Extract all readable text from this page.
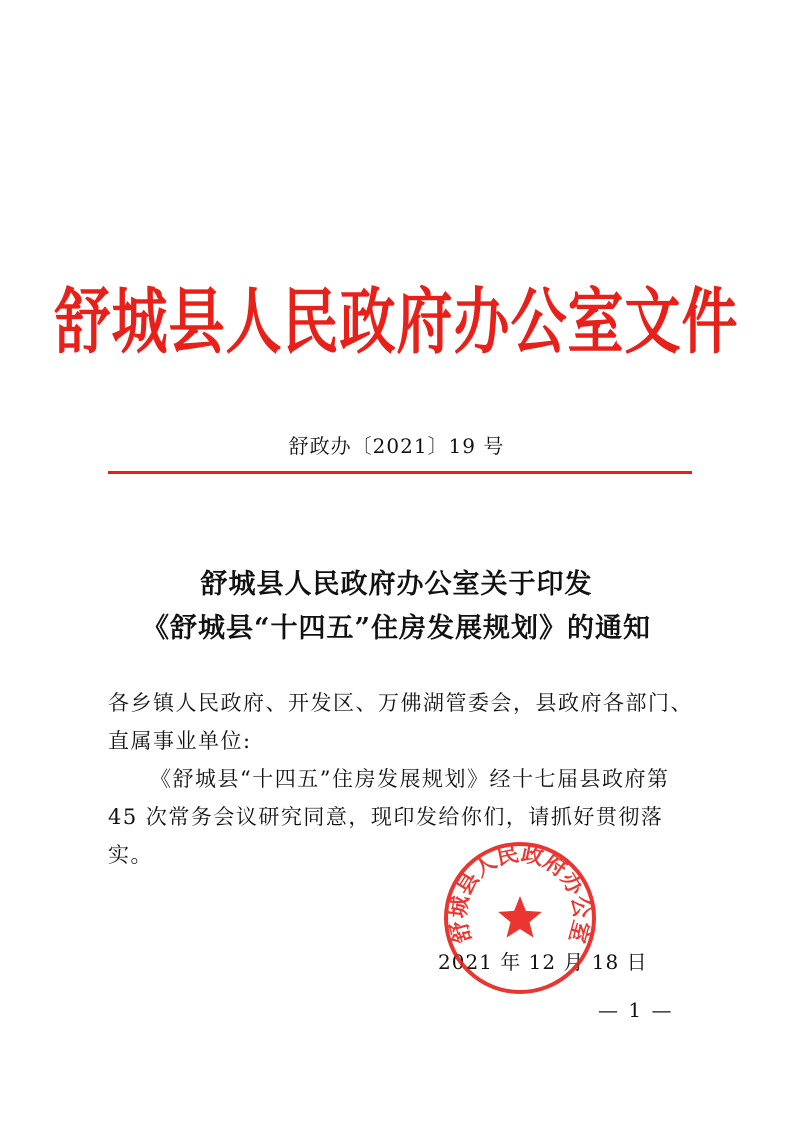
舒城县人民政府办公室文件
舒政办〔2021〕19 号
舒城县人民政府办公室关于印发
《舒城县“十四五”住房发展规划》的通知
各乡镇人民政府、开发区、万佛湖管委会，县政府各部门、直属事业单位:
《舒城县“十四五”住房发展规划》经十七届县政府第 45 次常务会议研究同意，现印发给你们，请抓好贯彻落实。
2021 年 12 月 18 日
舒城县人民政府办公室
— 1 —
